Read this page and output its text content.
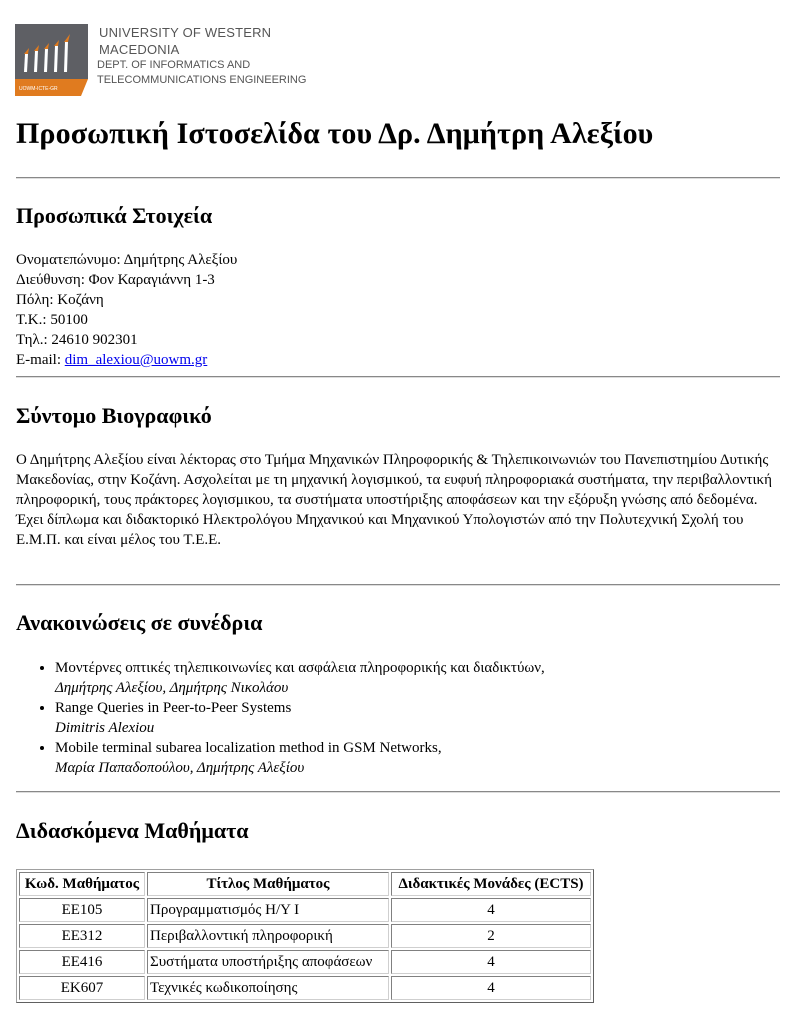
UOWM-ICTE-GR
UNIVERSITY OF WESTERN
MACEDONIA
DEPT. OF INFORMATICS AND
TELECOMMUNICATIONS ENGINEERING
Προσωπική Ιστοσελίδα του Δρ. Δημήτρη Αλεξίου
Προσωπικά Στοιχεία
Ονοματεπώνυμο: Δημήτρης Αλεξίου
Διεύθυνση: Φον Καραγιάννη 1-3
Πόλη: Κοζάνη
Τ.Κ.: 50100
Τηλ.: 24610 902301
E-mail: dim_alexiou@uowm.gr
Σύντομο Βιογραφικό

Ο Δημήτρης Αλεξίου είναι λέκτορας στο Τμήμα Μηχανικών Πληροφορικής & Τηλεπικοινωνιών του Πανεπιστημίου Δυτικής Μακεδονίας, στην Κοζάνη. Ασχολείται με τη μηχανική λογισμικού, τα ευφυή πληροφοριακά συστήματα, την περιβαλλοντική πληροφορική, τους πράκτορες λογισμικου, τα συστήματα υποστήριξης αποφάσεων και την εξόρυξη γνώσης από δεδομένα.

Έχει δίπλωμα και διδακτορικό Ηλεκτρολόγου Μηχανικού και Μηχανικού Υπολογιστών από την Πολυτεχνική Σχολή του Ε.Μ.Π. και είναι μέλος του Τ.Ε.Ε.

Ανακοινώσεις σε συνέδρια
• Μοντέρνες οπτικές τηλεπικοινωνίες και ασφάλεια πληροφορικής και διαδικτύων,
Δημήτρης Αλεξίου, Δημήτρης Νικολάου
• Range Queries in Peer-to-Peer Systems
Dimitris Alexiou
• Mobile terminal subarea localization method in GSM Networks,
Μαρία Παπαδοπούλου, Δημήτρης Αλεξίου
Διδασκόμενα Μαθήματα
Κωδ. Μαθήματος	Τίτλος Μαθήματος	Διδακτικές Μονάδες (ECTS)
ΕΕ105	Προγραμματισμός Η/Υ Ι	4
ΕΕ312	Περιβαλλοντική πληροφορική	2
ΕΕ416	Συστήματα υποστήριξης αποφάσεων	4
ΕΚ607	Τεχνικές κωδικοποίησης	4
